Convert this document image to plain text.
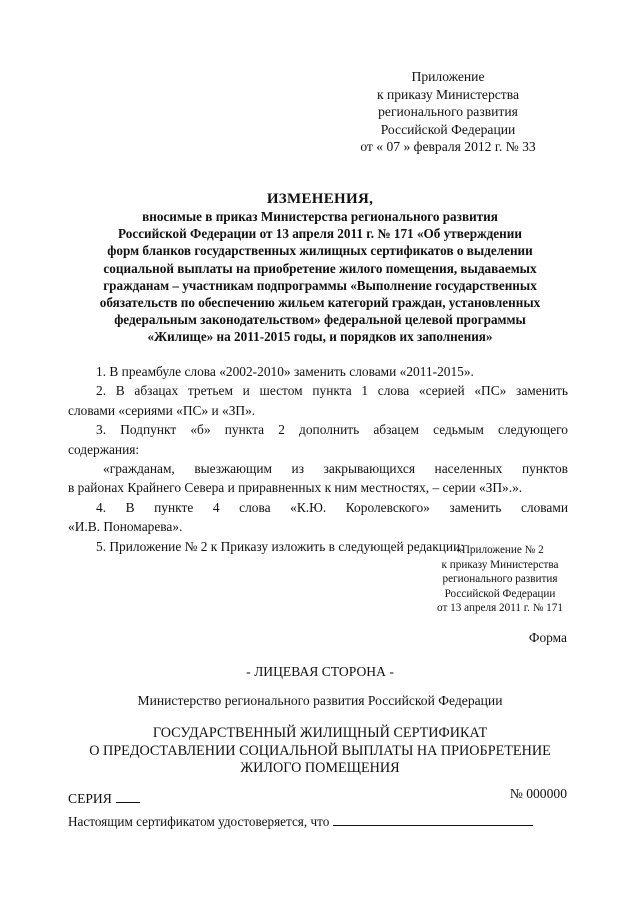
Приложение
к приказу Министерства
регионального развития
Российской Федерации
от « 07 » февраля 2012 г. № 33
ИЗМЕНЕНИЯ,
вносимые в приказ Министерства регионального развития
Российской Федерации от 13 апреля 2011 г. № 171 «Об утверждении
форм бланков государственных жилищных сертификатов о выделении
социальной выплаты на приобретение жилого помещения, выдаваемых
гражданам – участникам подпрограммы «Выполнение государственных
обязательств по обеспечению жильем категорий граждан, установленных
федеральным законодательством» федеральной целевой программы
«Жилище» на 2011-2015 годы, и порядков их заполнения»
1. В преамбуле слова «2002-2010» заменить словами «2011-2015».
2. В абзацах третьем и шестом пункта 1 слова «серией «ПС» заменить
словами «сериями «ПС» и «ЗП».
3. Подпункт «б» пункта 2 дополнить абзацем седьмым следующего
содержания:
«гражданам, выезжающим из закрывающихся населенных пунктов
в районах Крайнего Севера и приравненных к ним местностях, – серии «ЗП».».
4. В пункте 4 слова «К.Ю. Королевского» заменить словами
«И.В. Пономарева».
5. Приложение № 2 к Приказу изложить в следующей редакции:
«Приложение № 2
к приказу Министерства
регионального развития
Российской Федерации
от 13 апреля 2011 г. № 171
Форма
- ЛИЦЕВАЯ СТОРОНА -
Министерство регионального развития Российской Федерации
ГОСУДАРСТВЕННЫЙ ЖИЛИЩНЫЙ СЕРТИФИКАТ
О ПРЕДОСТАВЛЕНИИ СОЦИАЛЬНОЙ ВЫПЛАТЫ НА ПРИОБРЕТЕНИЕ
ЖИЛОГО ПОМЕЩЕНИЯ
СЕРИЯ	№ 000000
Настоящим сертификатом удостоверяется, что
